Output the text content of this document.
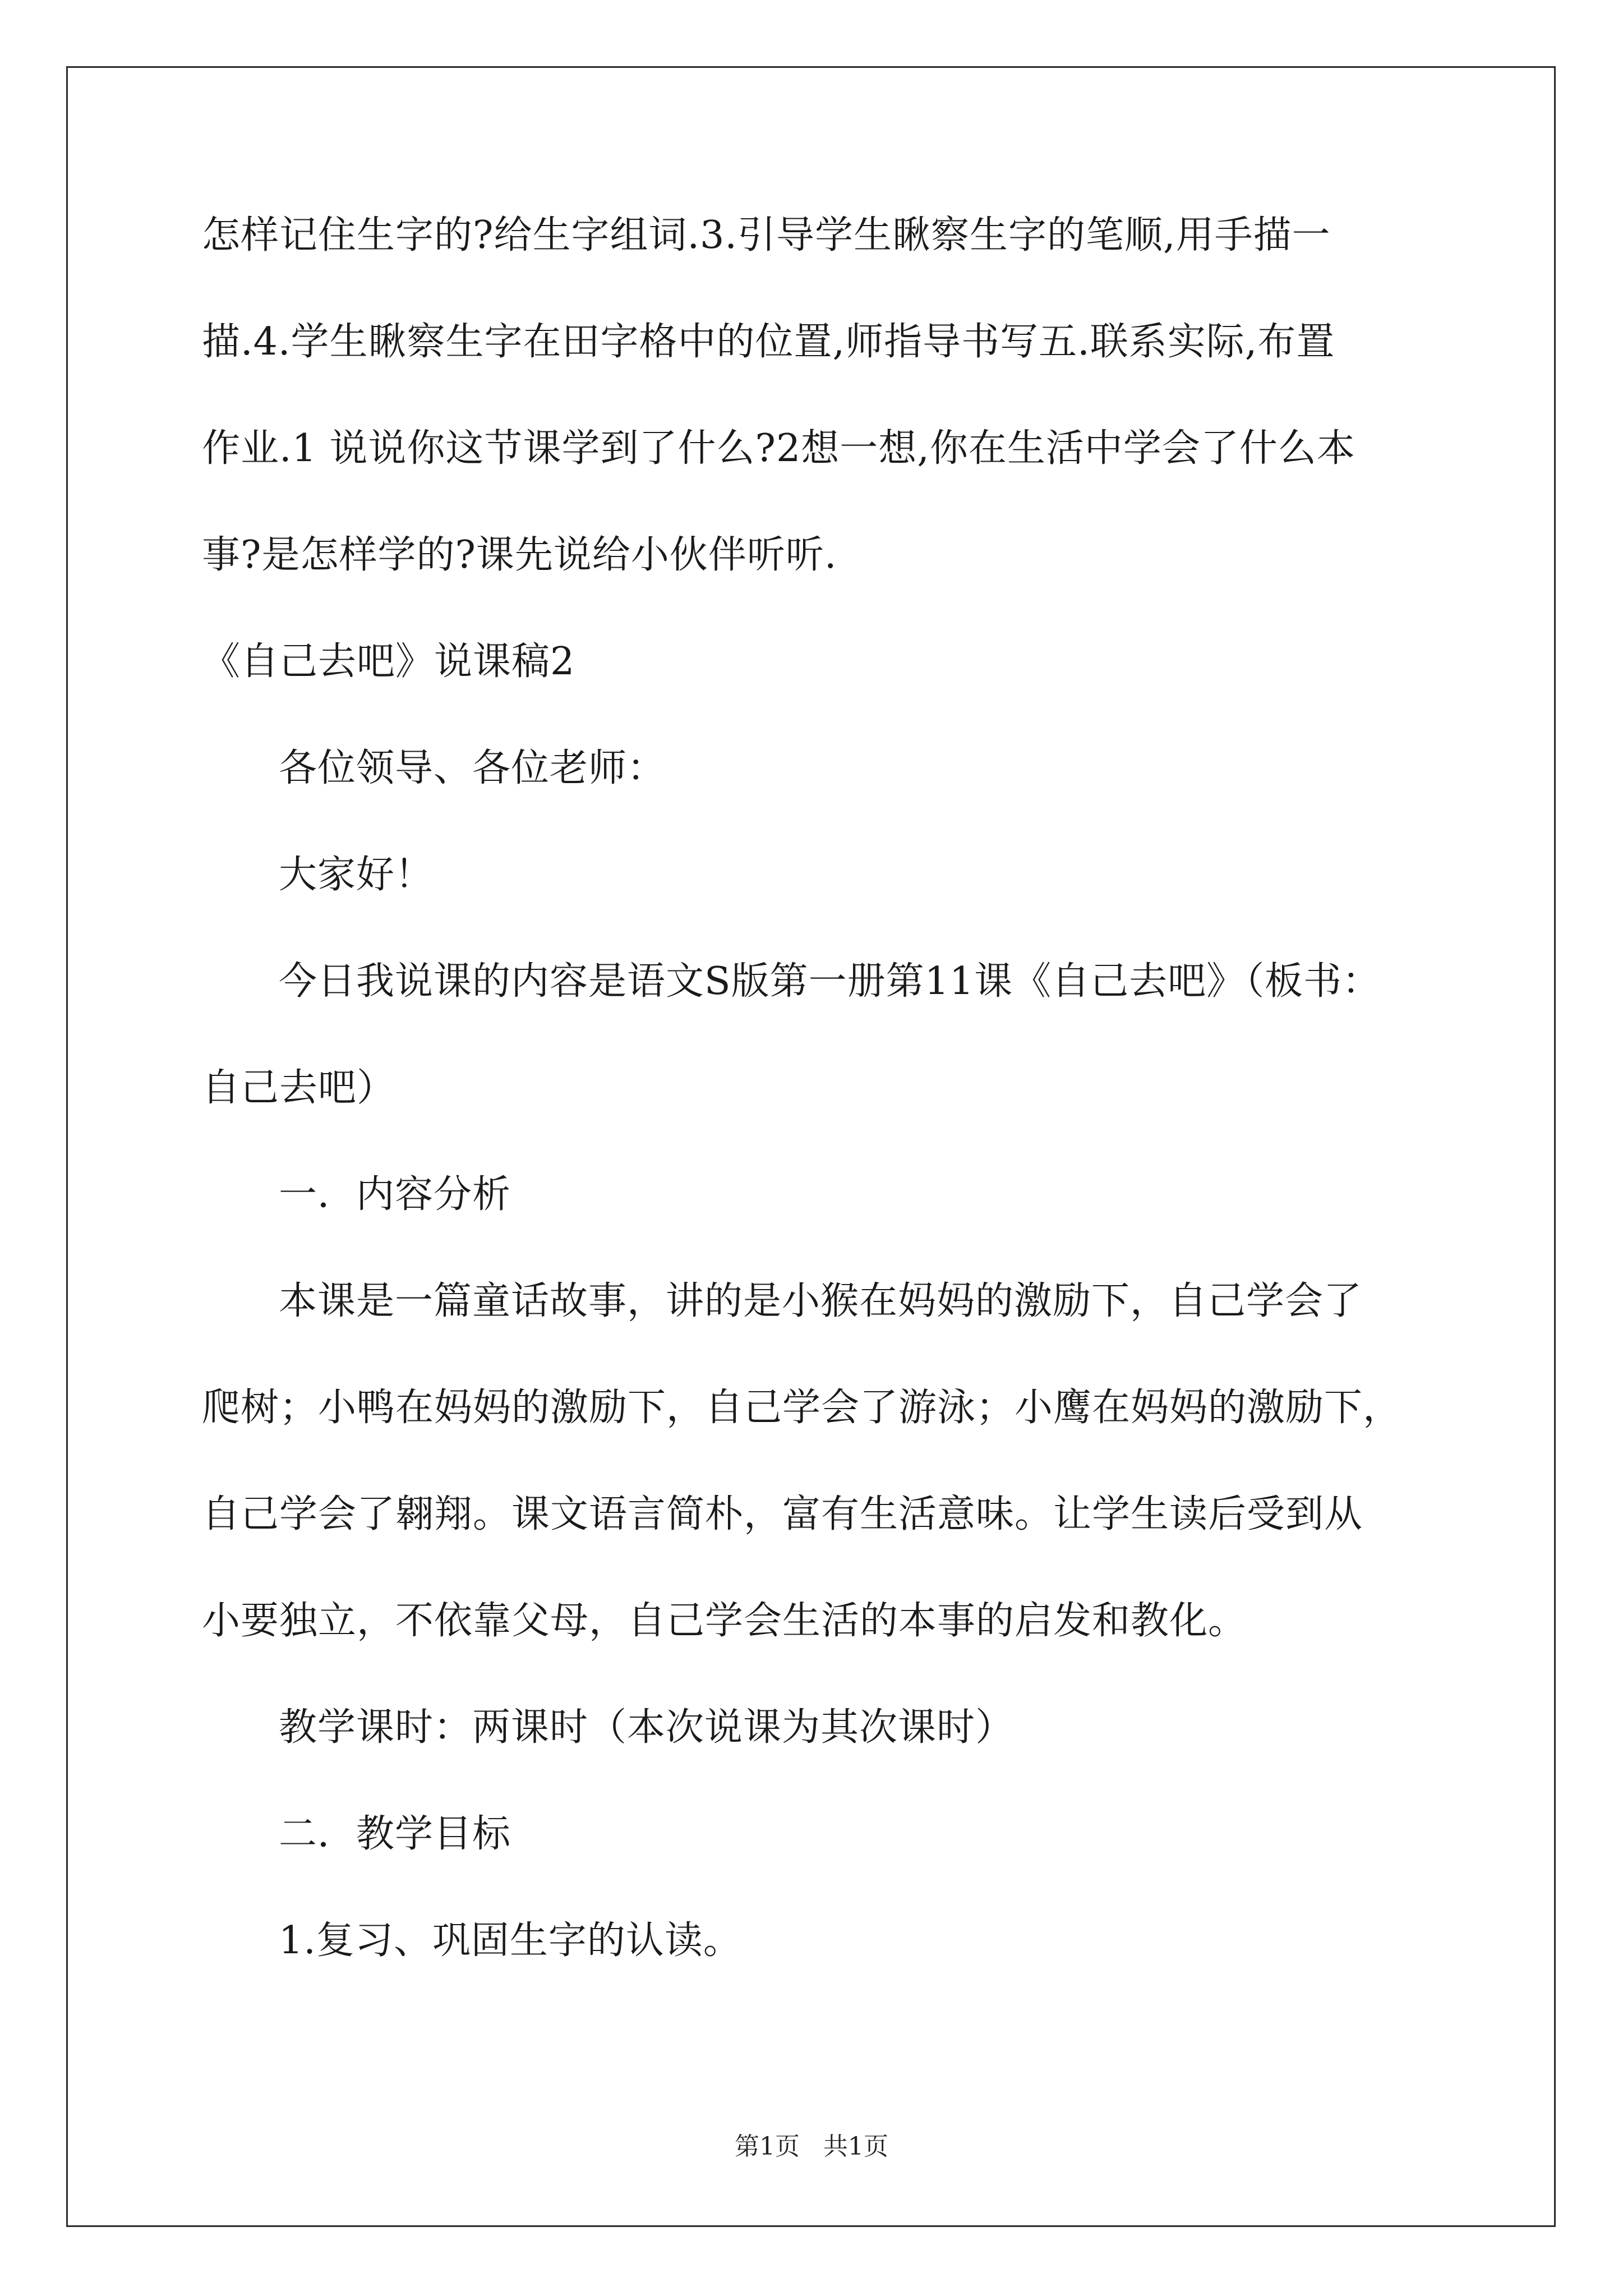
怎样记住生字的?给生字组词.3.引导学生瞅察生字的笔顺,用手描一
描.4.学生瞅察生字在田字格中的位置,师指导书写五.联系实际,布置
作业.1 说说你这节课学到了什么?2想一想,你在生活中学会了什么本
事?是怎样学的?课先说给小伙伴听听.
《自己去吧》说课稿2
各位领导、各位老师：
大家好！
今日我说课的内容是语文S版第一册第11课《自己去吧》（板书：
自己去吧）
一．内容分析
本课是一篇童话故事，讲的是小猴在妈妈的激励下，自己学会了
爬树；小鸭在妈妈的激励下，自己学会了游泳；小鹰在妈妈的激励下，
自己学会了翱翔。课文语言简朴，富有生活意味。让学生读后受到从
小要独立，不依靠父母，自己学会生活的本事的启发和教化。
教学课时：两课时（本次说课为其次课时）
二．教学目标
1.复习、巩固生字的认读。
第1页 共1页
